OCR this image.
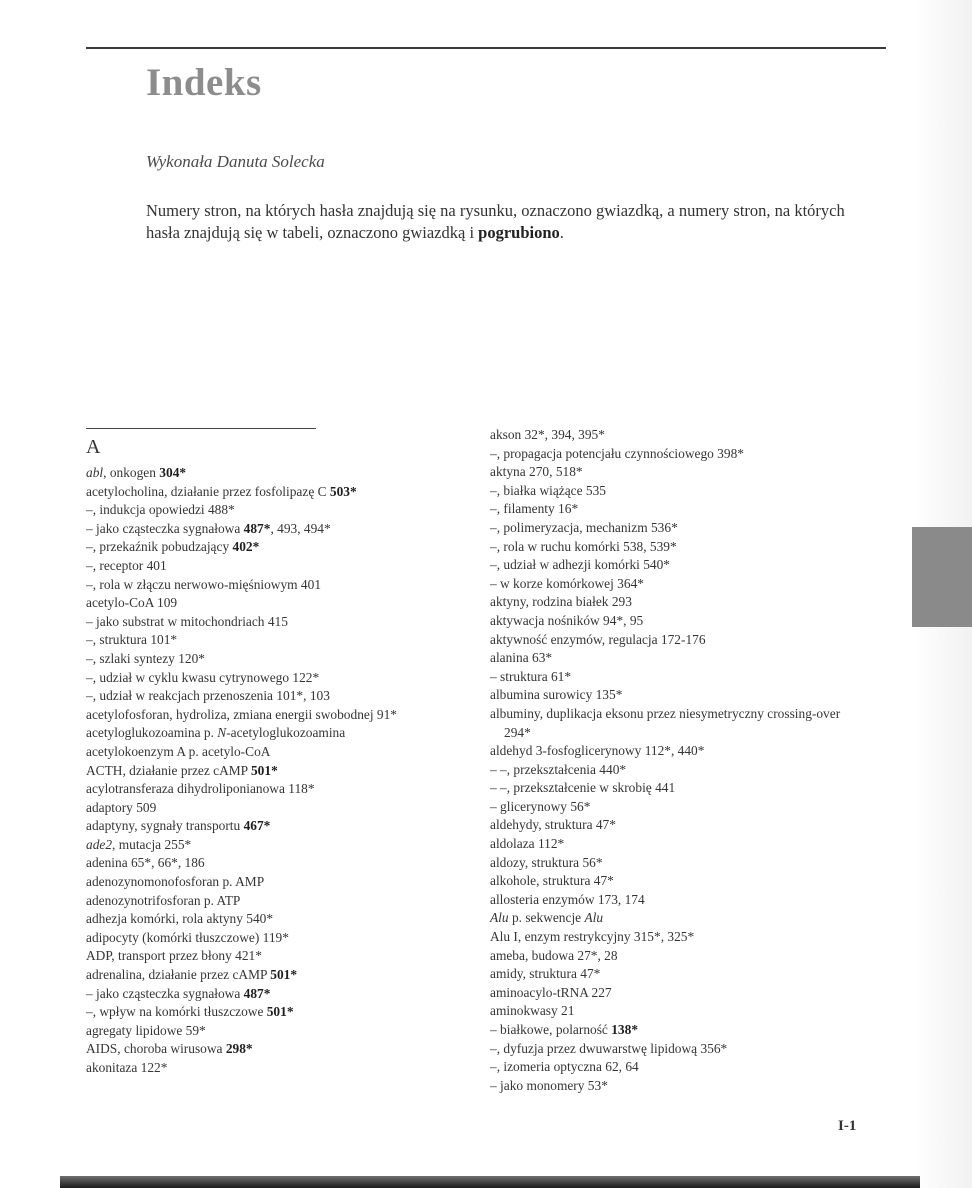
Indeks
Wykonała Danuta Solecka
Numery stron, na których hasła znajdują się na rysunku, oznaczono gwiazdką, a numery stron, na których hasła znajdują się w tabeli, oznaczono gwiazdką i pogrubiono.
A
abl, onkogen 304*
acetylocholina, działanie przez fosfolipazę C 503*
–, indukcja opowiedzi 488*
– jako cząsteczka sygnałowa 487*, 493, 494*
–, przekaźnik pobudzający 402*
–, receptor 401
–, rola w złączu nerwowo-mięśniowym 401
acetylo-CoA 109
– jako substrat w mitochondriach 415
–, struktura 101*
–, szlaki syntezy 120*
–, udział w cyklu kwasu cytrynowego 122*
–, udział w reakcjach przenoszenia 101*, 103
acetylofosforan, hydroliza, zmiana energii swobodnej 91*
acetyloglukozoamina p. N-acetyloglukozoamina
acetylokoenzym A p. acetylo-CoA
ACTH, działanie przez cAMP 501*
acylotransferaza dihydroliponianowa 118*
adaptory 509
adaptyny, sygnały transportu 467*
ade2, mutacja 255*
adenina 65*, 66*, 186
adenozynomonofosforan p. AMP
adenozynotrifosforan p. ATP
adhezja komórki, rola aktyny 540*
adipocyty (komórki tłuszczowe) 119*
ADP, transport przez błony 421*
adrenalina, działanie przez cAMP 501*
– jako cząsteczka sygnałowa 487*
–, wpływ na komórki tłuszczowe 501*
agregaty lipidowe 59*
AIDS, choroba wirusowa 298*
akonitaza 122*
akson 32*, 394, 395*
–, propagacja potencjału czynnościowego 398*
aktyna 270, 518*
–, białka wiążące 535
–, filamenty 16*
–, polimeryzacja, mechanizm 536*
–, rola w ruchu komórki 538, 539*
–, udział w adhezji komórki 540*
– w korze komórkowej 364*
aktyny, rodzina białek 293
aktywacja nośników 94*, 95
aktywność enzymów, regulacja 172-176
alanina 63*
– struktura 61*
albumina surowicy 135*
albuminy, duplikacja eksonu przez niesymetryczny crossing-over 294*
aldehyd 3-fosfoglicerynowy 112*, 440*
– –, przekształcenia 440*
– –, przekształcenie w skrobię 441
– glicerynowy 56*
aldehydy, struktura 47*
aldolaza 112*
aldozy, struktura 56*
alkohole, struktura 47*
allosteria enzymów 173, 174
Alu p. sekwencje Alu
Alu I, enzym restrykcyjny 315*, 325*
ameba, budowa 27*, 28
amidy, struktura 47*
aminoacylo-tRNA 227
aminokwasy 21
– białkowe, polarność 138*
–, dyfuzja przez dwuwarstwę lipidową 356*
–, izomeria optyczna 62, 64
– jako monomery 53*
I-1
